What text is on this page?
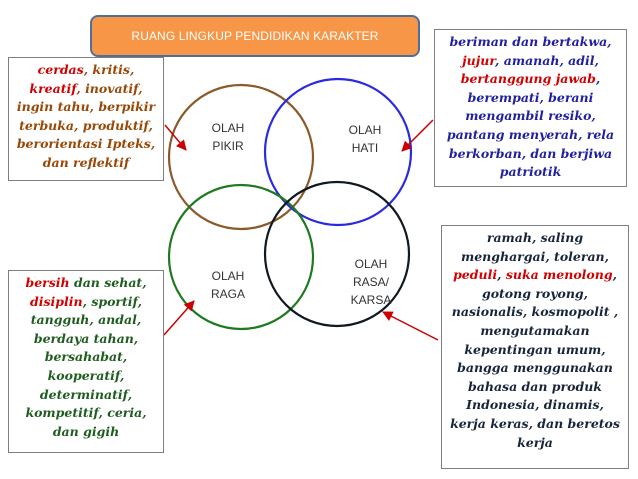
RUANG LINGKUP PENDIDIKAN KARAKTER
OLAH
PIKIR
OLAH
HATI
OLAH
RAGA
OLAH
RASA/
KARSA

cerdas, kritis,

kreatif, inovatif,

ingin tahu, berpikir

terbuka, produktif,

berorientasi Ipteks,

dan reflektif

bersih dan sehat,

disiplin, sportif,

tangguh, andal,

berdaya tahan,

bersahabat,

kooperatif,

determinatif,

kompetitif, ceria,

dan gigih

beriman dan bertakwa,

jujur, amanah, adil,

bertanggung jawab,

berempati, berani

mengambil resiko,

pantang menyerah, rela

berkorban, dan berjiwa

patriotik

ramah, saling

menghargai, toleran,

peduli, suka menolong,

gotong royong,

nasionalis, kosmopolit ,

mengutamakan

kepentingan umum,

bangga menggunakan

bahasa dan produk

Indonesia, dinamis,

kerja keras, dan beretos

kerja
